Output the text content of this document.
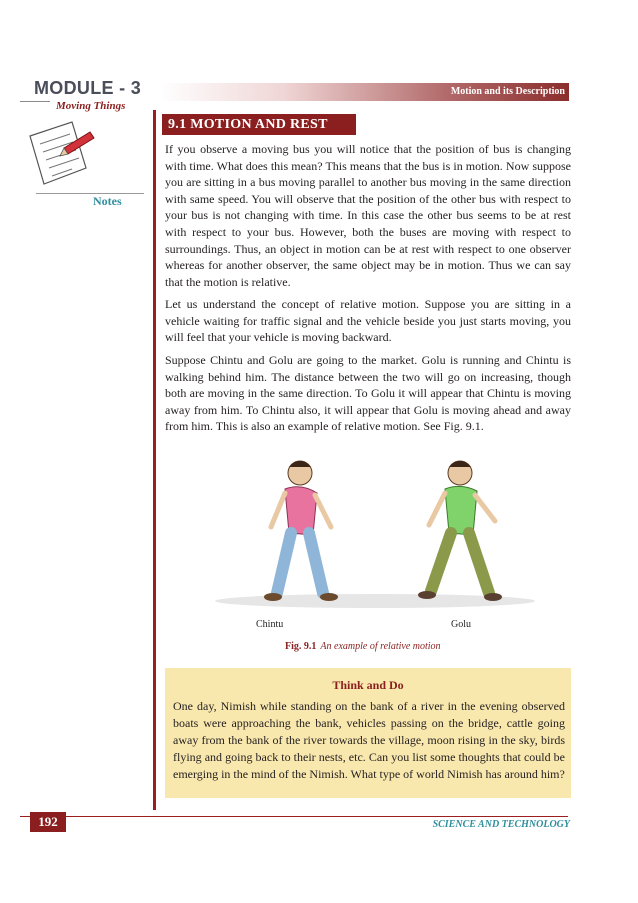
MODULE - 3
Moving Things
Motion and its Description
Notes
9.1 MOTION AND REST
If you observe a moving bus you will notice that the position of bus is changing with time. What does this mean? This means that the bus is in motion. Now suppose you are sitting in a bus moving parallel to another bus moving in the same direction with same speed. You will observe that the position of the other bus with respect to your bus is not changing with time. In this case the other bus seems to be at rest with respect to your bus. However, both the buses are moving with respect to surroundings. Thus, an object in motion can be at rest with respect to one observer whereas for another observer, the same object may be in motion. Thus we can say that the motion is relative.
Let us understand the concept of relative motion. Suppose you are sitting in a vehicle waiting for traffic signal and the vehicle beside you just starts moving, you will feel that your vehicle is moving backward.
Suppose Chintu and Golu are going to the market. Golu is running and Chintu is walking behind him. The distance between the two will go on increasing, though both are moving in the same direction. To Golu it will appear that Chintu is moving away from him. To Chintu also, it will appear that Golu is moving ahead and away from him. This is also an example of relative motion. See Fig. 9.1.
Chintu	Golu
Fig. 9.1 An example of relative motion
Think and Do
One day, Nimish while standing on the bank of a river in the evening observed boats were approaching the bank, vehicles passing on the bridge, cattle going away from the bank of the river towards the village, moon rising in the sky, birds flying and going back to their nests, etc. Can you list some thoughts that could be emerging in the mind of the Nimish. What type of world Nimish has around him?
192	SCIENCE AND TECHNOLOGY
